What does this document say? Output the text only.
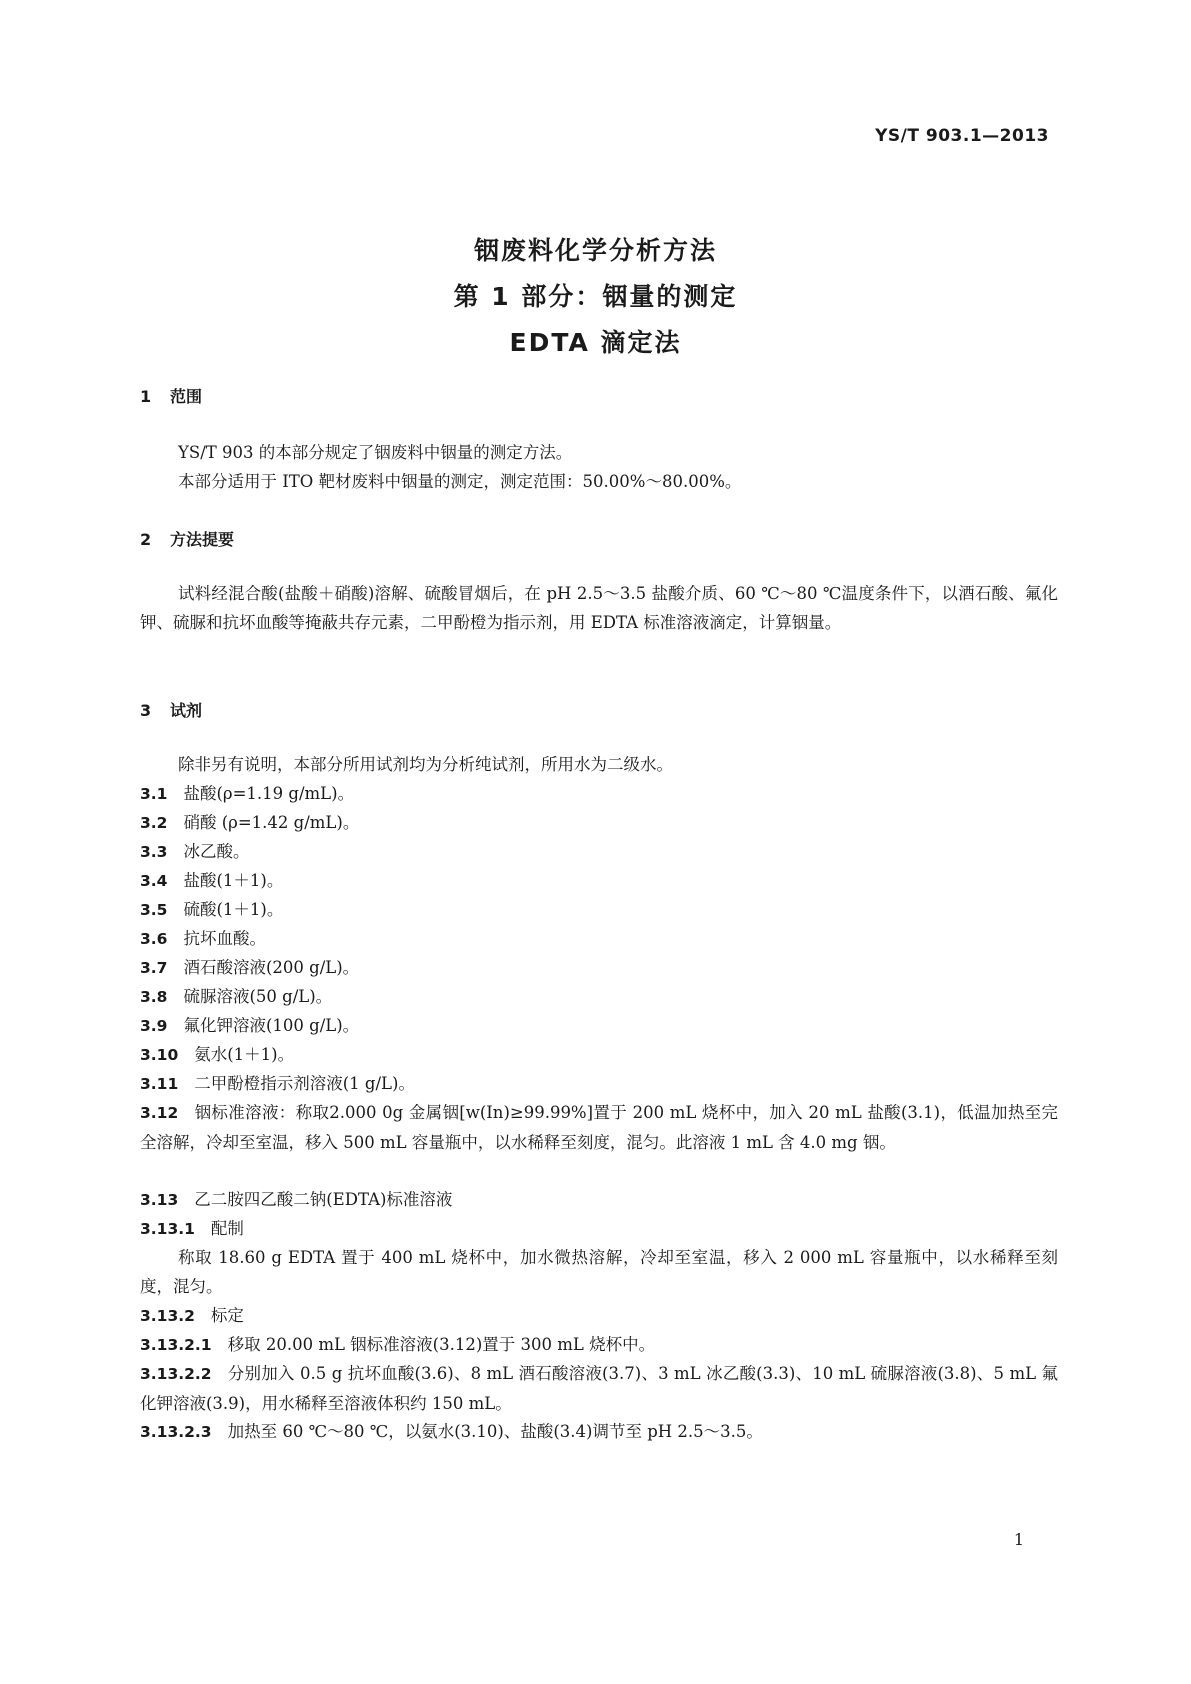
YS/T 903.1—2013
铟废料化学分析方法
第 1 部分：铟量的测定
EDTA 滴定法
1 范围

YS/T 903 的本部分规定了铟废料中铟量的测定方法。

本部分适用于 ITO 靶材废料中铟量的测定，测定范围：50.00%～80.00%。

2 方法提要

试料经混合酸(盐酸＋硝酸)溶解、硫酸冒烟后，在 pH 2.5～3.5 盐酸介质、60 ℃～80 ℃温度条件下，以酒石酸、氟化钾、硫脲和抗坏血酸等掩蔽共存元素，二甲酚橙为指示剂，用 EDTA 标准溶液滴定，计算铟量。

3 试剂

除非另有说明，本部分所用试剂均为分析纯试剂，所用水为二级水。

3.1 盐酸(ρ=1.19 g/mL)。
3.2 硝酸 (ρ=1.42 g/mL)。
3.3 冰乙酸。
3.4 盐酸(1＋1)。
3.5 硫酸(1＋1)。
3.6 抗坏血酸。
3.7 酒石酸溶液(200 g/L)。
3.8 硫脲溶液(50 g/L)。
3.9 氟化钾溶液(100 g/L)。
3.10 氨水(1＋1)。
3.11 二甲酚橙指示剂溶液(1 g/L)。
3.12 铟标准溶液：称取2.000 0g 金属铟[w(In)≥99.99%]置于 200 mL 烧杯中，加入 20 mL 盐酸(3.1)，低温加热至完全溶解，冷却至室温，移入 500 mL 容量瓶中，以水稀释至刻度，混匀。此溶液 1 mL 含 4.0 mg 铟。
3.13 乙二胺四乙酸二钠(EDTA)标准溶液
3.13.1 配制

称取 18.60 g EDTA 置于 400 mL 烧杯中，加水微热溶解，冷却至室温，移入 2 000 mL 容量瓶中，以水稀释至刻度，混匀。

3.13.2 标定
3.13.2.1 移取 20.00 mL 铟标准溶液(3.12)置于 300 mL 烧杯中。
3.13.2.2 分别加入 0.5 g 抗坏血酸(3.6)、8 mL 酒石酸溶液(3.7)、3 mL 冰乙酸(3.3)、10 mL 硫脲溶液(3.8)、5 mL 氟化钾溶液(3.9)，用水稀释至溶液体积约 150 mL。
3.13.2.3 加热至 60 ℃～80 ℃，以氨水(3.10)、盐酸(3.4)调节至 pH 2.5～3.5。
1
